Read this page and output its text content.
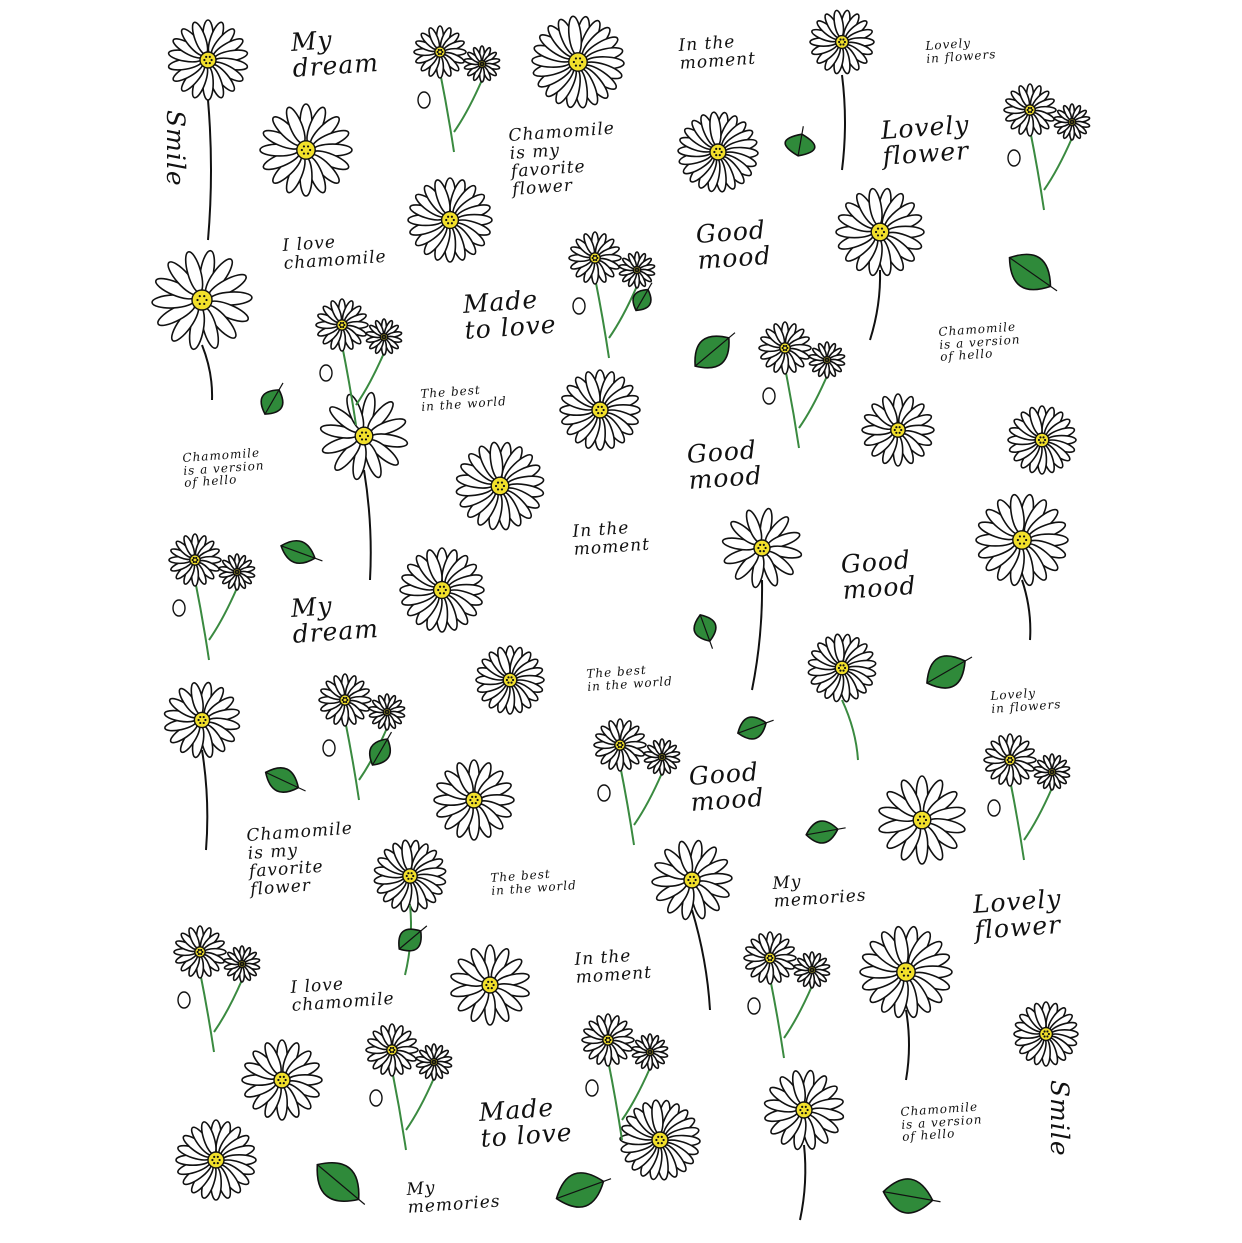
My
dream
In the
moment
Lovely
in flowers
Chamomile
is my
favorite
flower
Lovely
flower
Good
mood
I love
chamomile
Made
to love	Chamomile
is a version
of hello
The best
in the world
Good
mood
Chamomile
is a version
of hello
In the
moment	Good
mood
My
dream
The best
in the world
Lovely
in flowers
Good
mood
Chamomile
is my
favorite
flower	The best
in the world	My
memories	Lovely
flower
In the
moment
I love
chamomile
Made
to love
Chamomile
is a version
of hello
My
memories
Smile
Smile
